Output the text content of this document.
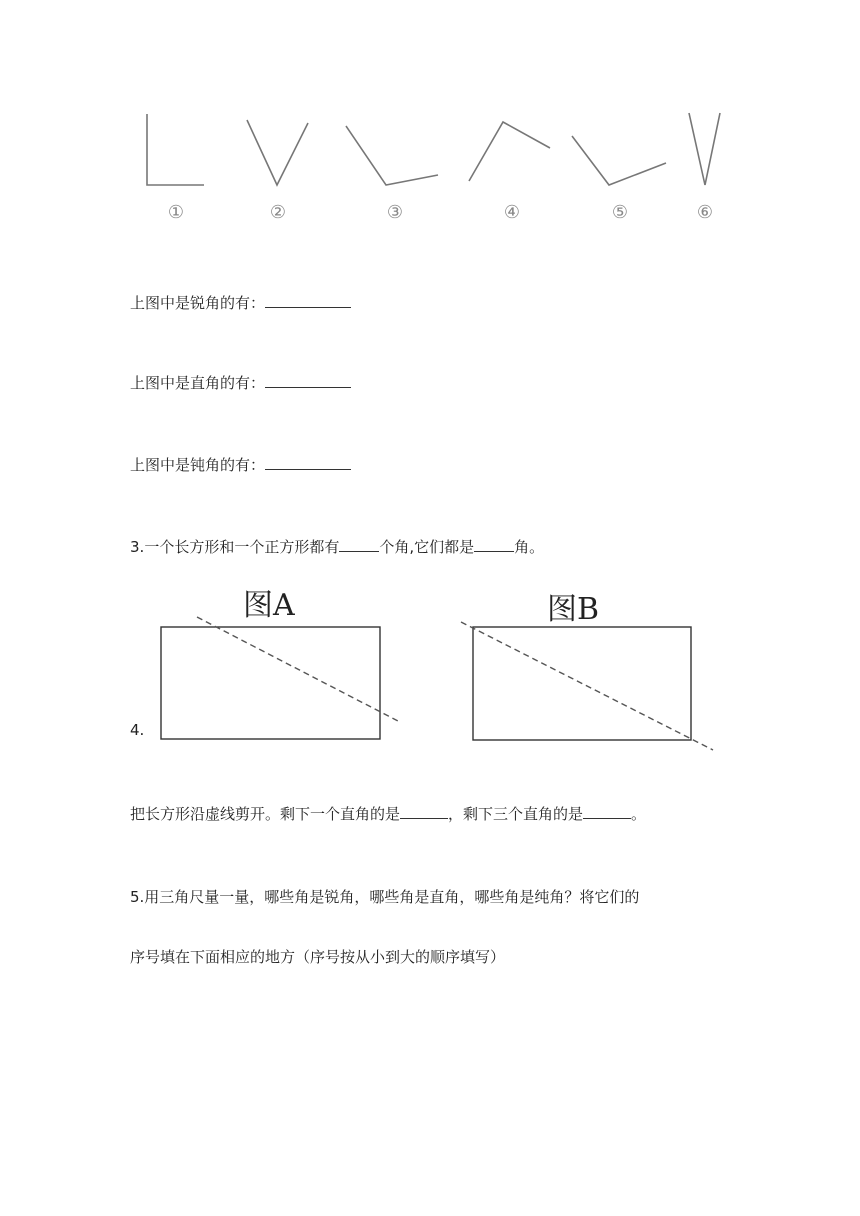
①	②	③	④	⑤	⑥
上图中是锐角的有：
上图中是直角的有：
上图中是钝角的有：
3.一个长方形和一个正方形都有	个角,它们都是	角。
图A	图B
4.
把长方形沿虚线剪开。剩下一个直角的是	，剩下三个直角的是	。
5.用三角尺量一量，哪些角是锐角，哪些角是直角，哪些角是纯角？将它们的
序号填在下面相应的地方（序号按从小到大的顺序填写）
